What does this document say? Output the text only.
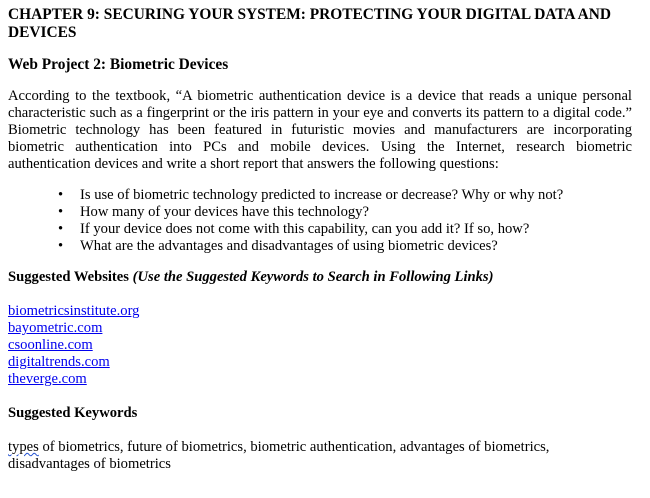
CHAPTER 9: SECURING YOUR SYSTEM: PROTECTING YOUR DIGITAL DATA AND DEVICES
Web Project 2: Biometric Devices

According to the textbook, “A biometric authentication device is a device that reads a unique personal characteristic such as a fingerprint or the iris pattern in your eye and converts its pattern to a digital code.” Biometric technology has been featured in futuristic movies and manufacturers are incorporating biometric authentication into PCs and mobile devices. Using the Internet, research biometric authentication devices and write a short report that answers the following questions:

• Is use of biometric technology predicted to increase or decrease? Why or why not?
• How many of your devices have this technology?
• If your device does not come with this capability, can you add it? If so, how?
• What are the advantages and disadvantages of using biometric devices?

Suggested Websites (Use the Suggested Keywords to Search in Following Links)

biometricsinstitute.org
bayometric.com
csoonline.com
digitaltrends.com
theverge.com

Suggested Keywords

types of biometrics, future of biometrics, biometric authentication, advantages of biometrics, disadvantages of biometrics
